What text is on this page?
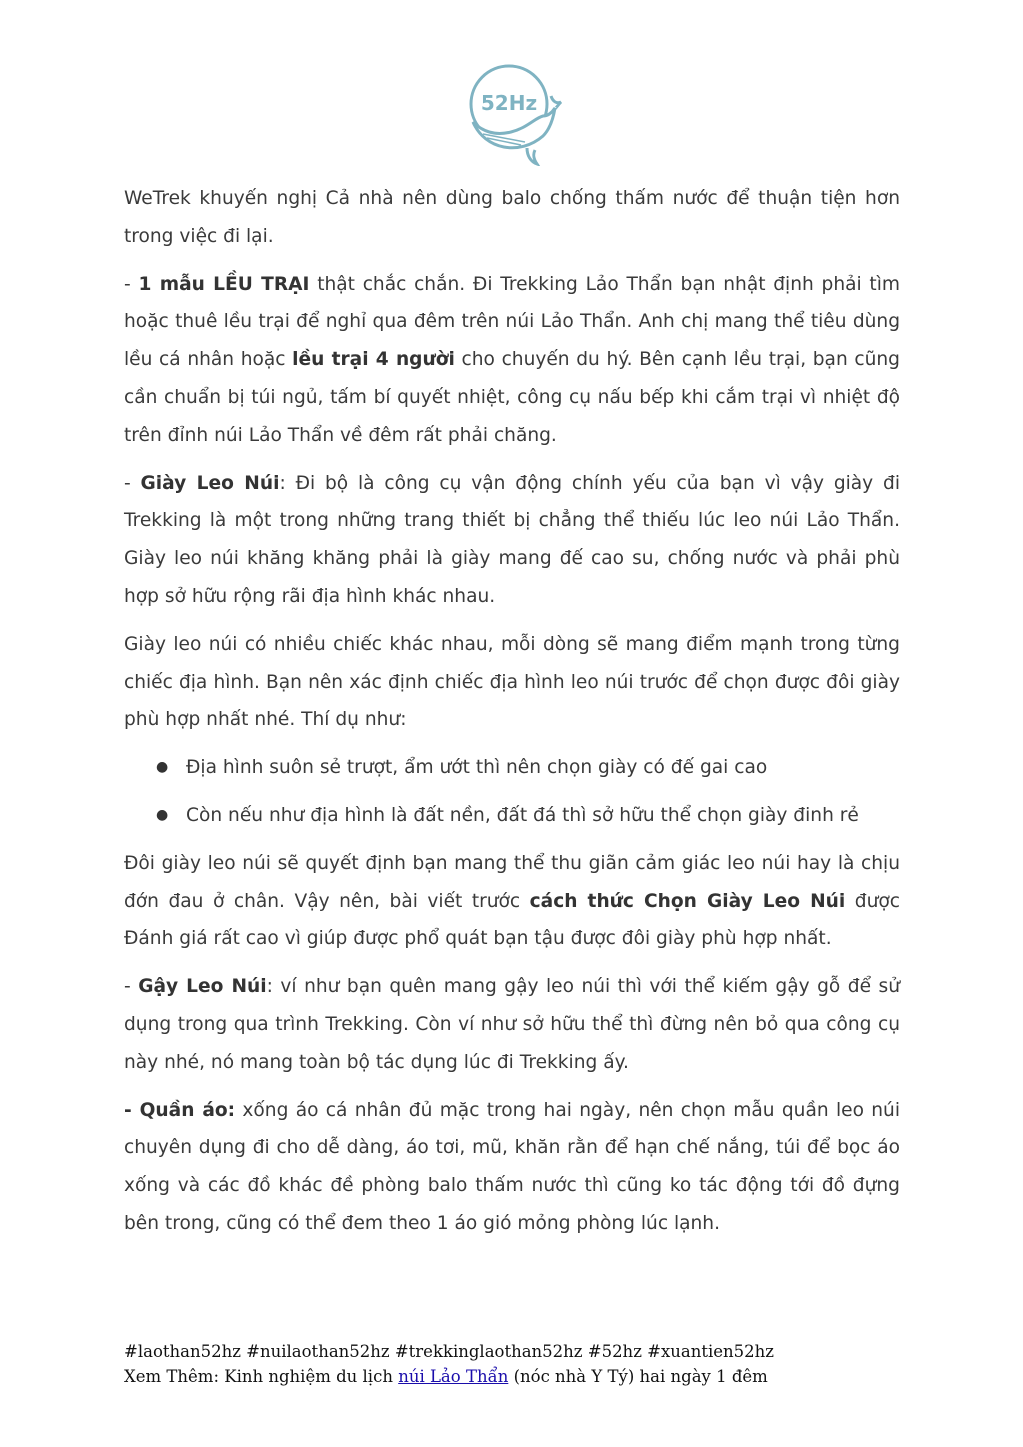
52Hz

WeTrek khuyến nghị Cả nhà nên dùng balo chống thấm nước để thuận tiện hơn trong việc đi lại.

- 1 mẫu LỀU TRẠI thật chắc chắn. Đi Trekking Lảo Thẩn bạn nhật định phải tìm hoặc thuê lều trại để nghỉ qua đêm trên núi Lảo Thẩn. Anh chị mang thể tiêu dùng lều cá nhân hoặc lều trại 4 người cho chuyến du hý. Bên cạnh lều trại, bạn cũng cần chuẩn bị túi ngủ, tấm bí quyết nhiệt, công cụ nấu bếp khi cắm trại vì nhiệt độ trên đỉnh núi Lảo Thẩn về đêm rất phải chăng.

- Giày Leo Núi: Đi bộ là công cụ vận động chính yếu của bạn vì vậy giày đi Trekking là một trong những trang thiết bị chẳng thể thiếu lúc leo núi Lảo Thẩn. Giày leo núi khăng khăng phải là giày mang đế cao su, chống nước và phải phù hợp sở hữu rộng rãi địa hình khác nhau.

Giày leo núi có nhiều chiếc khác nhau, mỗi dòng sẽ mang điểm mạnh trong từng chiếc địa hình. Bạn nên xác định chiếc địa hình leo núi trước để chọn được đôi giày phù hợp nhất nhé. Thí dụ như:

● Địa hình suôn sẻ trượt, ẩm ướt thì nên chọn giày có đế gai cao
● Còn nếu như địa hình là đất nền, đất đá thì sở hữu thể chọn giày đinh rẻ

Đôi giày leo núi sẽ quyết định bạn mang thể thu giãn cảm giác leo núi hay là chịu đớn đau ở chân. Vậy nên, bài viết trước cách thức Chọn Giày Leo Núi được Đánh giá rất cao vì giúp được phổ quát bạn tậu được đôi giày phù hợp nhất.

- Gậy Leo Núi: ví như bạn quên mang gậy leo núi thì với thể kiếm gậy gỗ để sử dụng trong qua trình Trekking. Còn ví như sở hữu thể thì đừng nên bỏ qua công cụ này nhé, nó mang toàn bộ tác dụng lúc đi Trekking ấy.

- Quần áo: xống áo cá nhân đủ mặc trong hai ngày, nên chọn mẫu quần leo núi chuyên dụng đi cho dễ dàng, áo tơi, mũ, khăn rằn để hạn chế nắng, túi để bọc áo xống và các đồ khác đề phòng balo thấm nước thì cũng ko tác động tới đồ đựng bên trong, cũng có thể đem theo 1 áo gió mỏng phòng lúc lạnh.

#laothan52hz #nuilaothan52hz #trekkinglaothan52hz #52hz #xuantien52hz
Xem Thêm: Kinh nghiệm du lịch núi Lảo Thẩn (nóc nhà Y Tý) hai ngày 1 đêm
